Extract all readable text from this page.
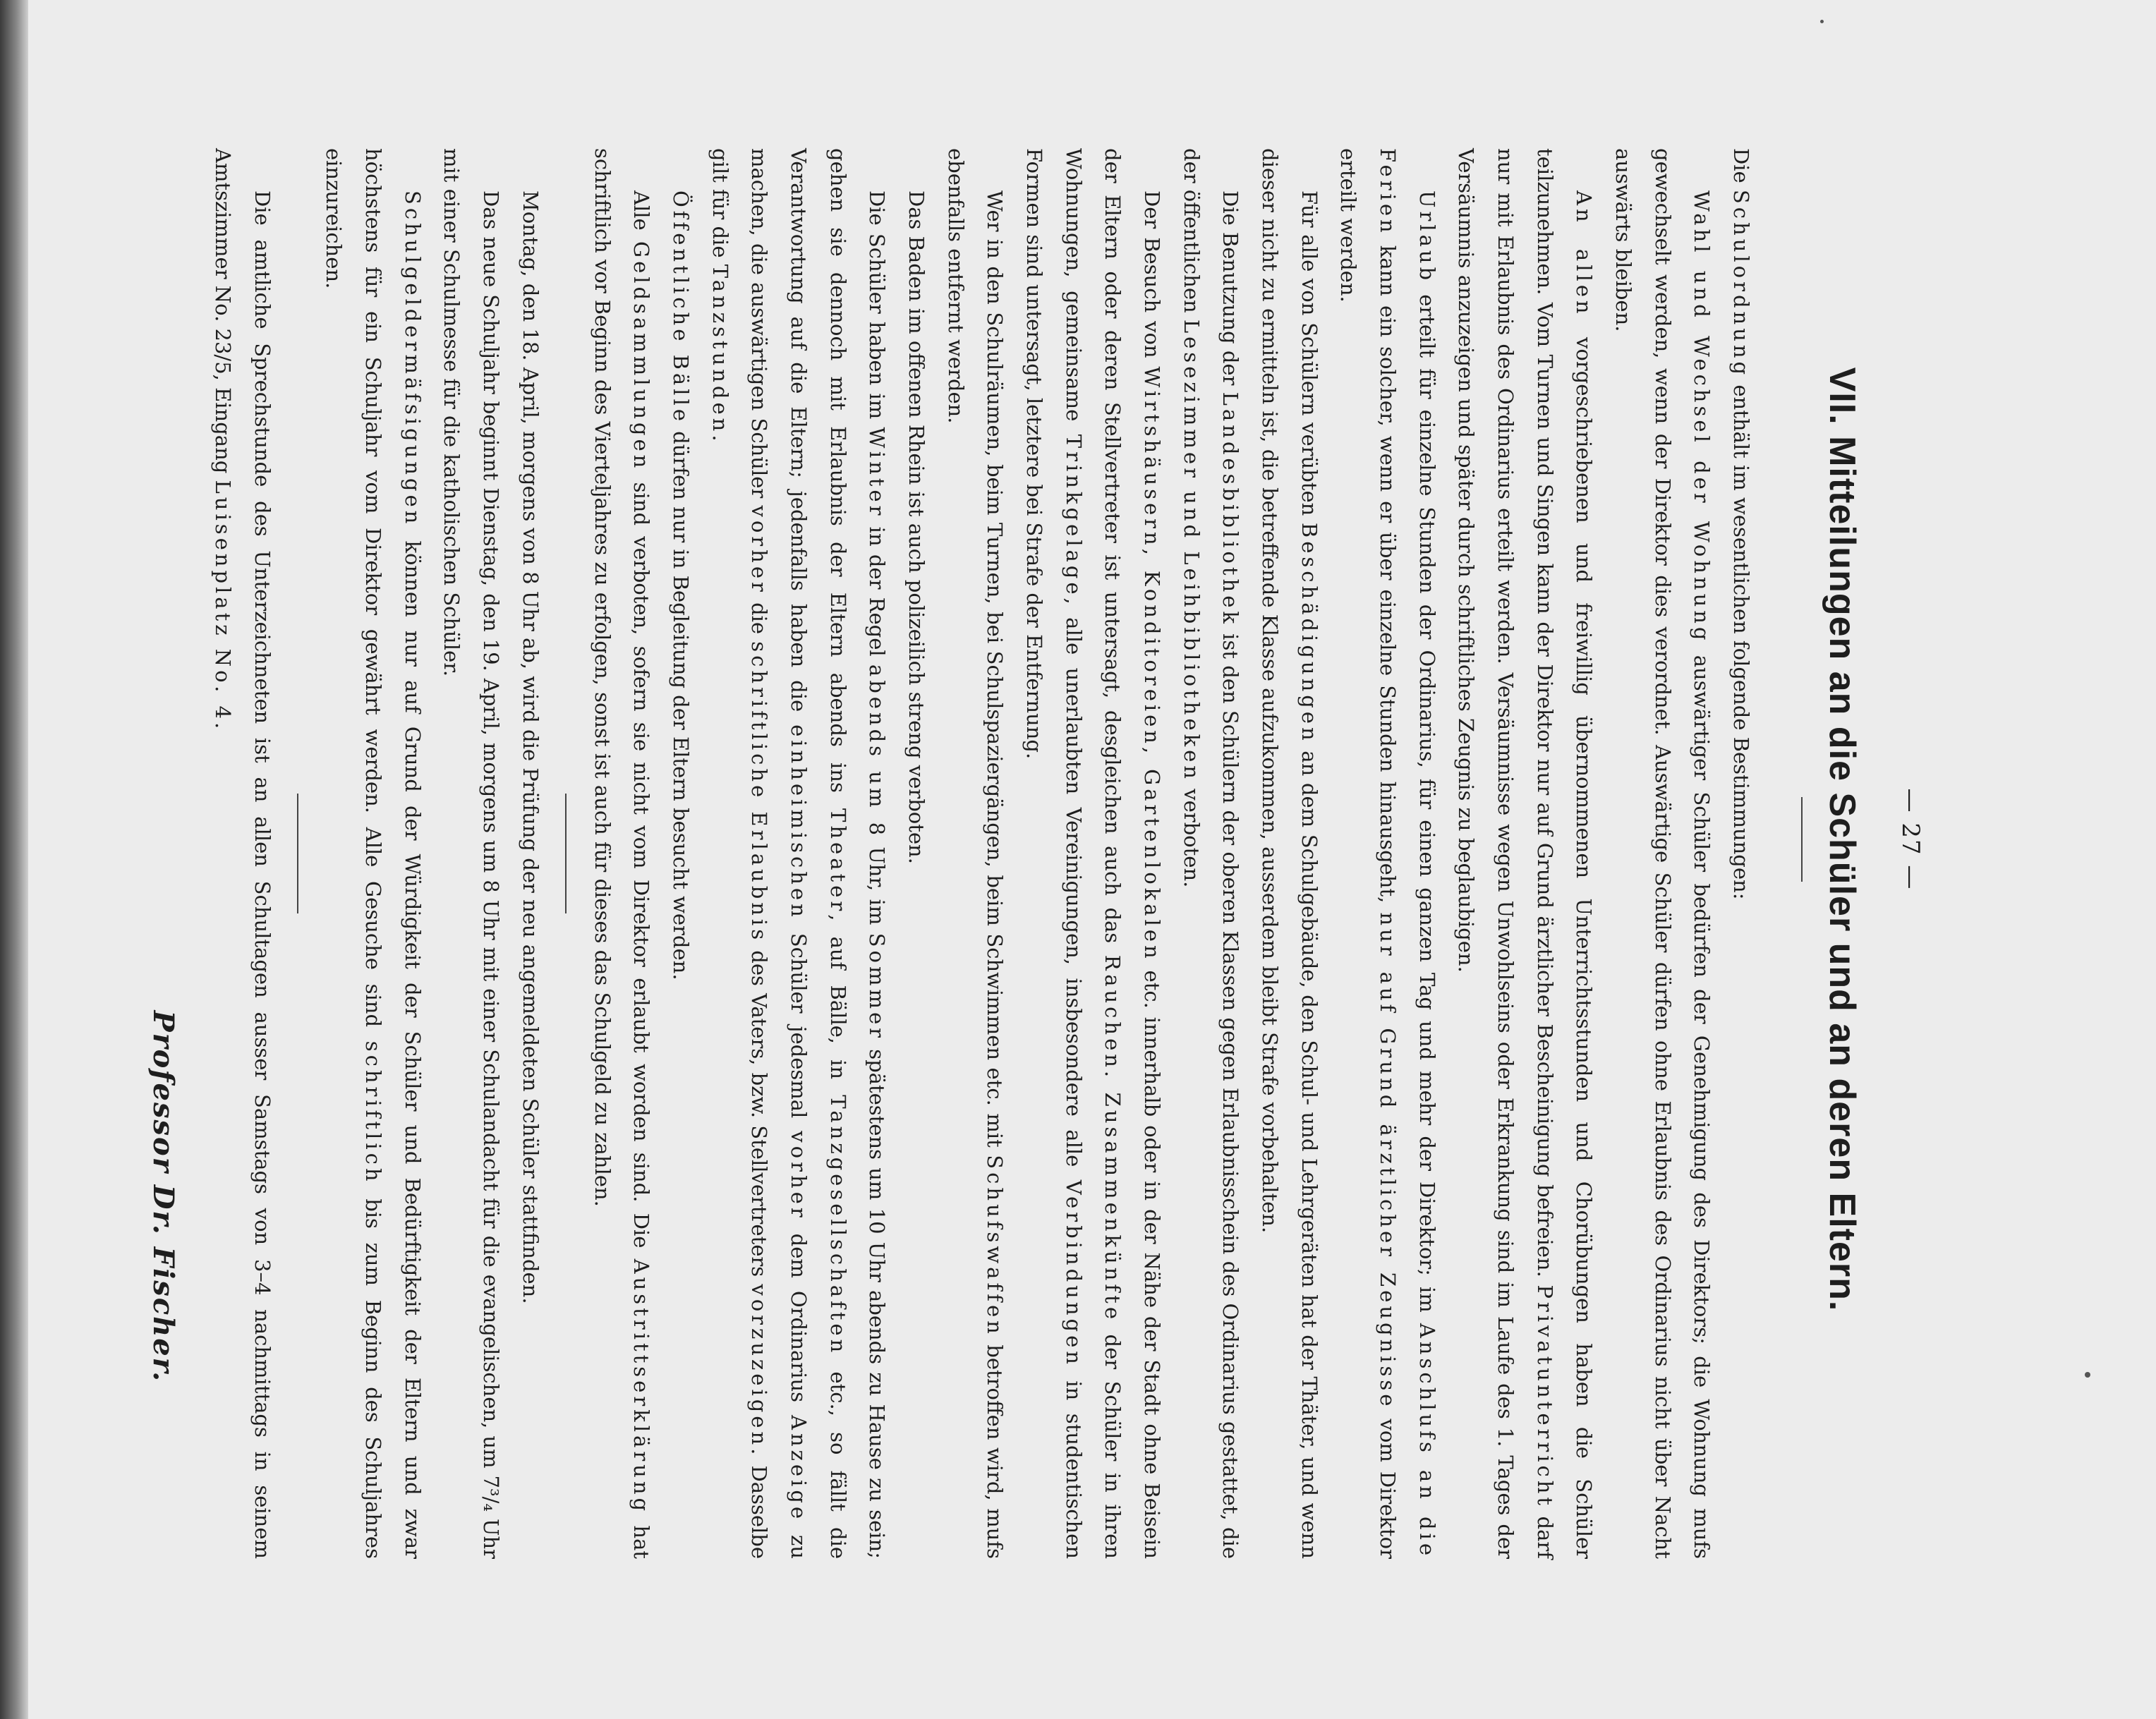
— 27 —
VII. Mitteilungen an die Schüler und an deren Eltern.

Die Schulordnung enthält im wesentlichen folgende Bestimmungen:

Wahl und Wechsel der Wohnung auswärtiger Schüler bedürfen der Genehmigung des Direktors; die Wohnung mufs gewechselt werden, wenn der Direktor dies verordnet. Auswärtige Schüler dürfen ohne Erlaubnis des Ordinarius nicht über Nacht auswärts bleiben.

An allen vorgeschriebenen und freiwillig übernommenen Unterrichtsstunden und Chorübungen haben die Schüler teilzunehmen. Vom Turnen und Singen kann der Direktor nur auf Grund ärztlicher Bescheinigung befreien. Privatunterricht darf nur mit Erlaubnis des Ordinarius erteilt werden. Versäumnisse wegen Unwohlseins oder Erkrankung sind im Laufe des 1. Tages der Versäumnis anzuzeigen und später durch schriftliches Zeugnis zu beglaubigen.

Urlaub erteilt für einzelne Stunden der Ordinarius, für einen ganzen Tag und mehr der Direktor; im Anschlufs an die Ferien kann ein solcher, wenn er über einzelne Stunden hinausgeht, nur auf Grund ärztlicher Zeugnisse vom Direktor erteilt werden.

Für alle von Schülern verübten Beschädigungen an dem Schulgebäude, den Schul- und Lehrgeräten hat der Thäter, und wenn dieser nicht zu ermitteln ist, die betreffende Klasse aufzukommen, ausserdem bleibt Strafe vorbehalten.

Die Benutzung der Landesbibliothek ist den Schülern der oberen Klassen gegen Erlaubnisschein des Ordinarius gestattet, die der öffentlichen Lesezimmer und Leihbibliotheken verboten.

Der Besuch von Wirtshäusern, Konditoreien, Gartenlokalen etc. innerhalb oder in der Nähe der Stadt ohne Beisein der Eltern oder deren Stellvertreter ist untersagt, desgleichen auch das Rauchen. Zusammenkünfte der Schüler in ihren Wohnungen, gemeinsame Trinkgelage, alle unerlaubten Vereinigungen, insbesondere alle Verbindungen in studentischen Formen sind untersagt, letztere bei Strafe der Entfernung.

Wer in den Schulräumen, beim Turnen, bei Schulspaziergängen, beim Schwimmen etc. mit Schufswaffen betroffen wird, mufs ebenfalls entfernt werden.

Das Baden im offenen Rhein ist auch polizeilich streng verboten.

Die Schüler haben im Winter in der Regel abends um 8 Uhr, im Sommer spätestens um 10 Uhr abends zu Hause zu sein; gehen sie dennoch mit Erlaubnis der Eltern abends ins Theater, auf Bälle, in Tanzgesellschaften etc., so fällt die Verantwortung auf die Eltern; jedenfalls haben die einheimischen Schüler jedesmal vorher dem Ordinarius Anzeige zu machen, die auswärtigen Schüler vorher die schriftliche Erlaubnis des Vaters, bzw. Stellvertreters vorzuzeigen. Dasselbe gilt für die Tanzstunden.

Öffentliche Bälle dürfen nur in Begleitung der Eltern besucht werden.

Alle Geldsammlungen sind verboten, sofern sie nicht vom Direktor erlaubt worden sind. Die Austrittserklärung hat schriftlich vor Beginn des Vierteljahres zu erfolgen, sonst ist auch für dieses das Schulgeld zu zahlen.

Montag, den 18. April, morgens von 8 Uhr ab, wird die Prüfung der neu angemeldeten Schüler stattfinden.

Das neue Schuljahr beginnt Dienstag, den 19. April, morgens um 8 Uhr mit einer Schulandacht für die evangelischen, um 7³/₄ Uhr mit einer Schulmesse für die katholischen Schüler.

Schulgeldermäfsigungen können nur auf Grund der Würdigkeit der Schüler und Bedürftigkeit der Eltern und zwar höchstens für ein Schuljahr vom Direktor gewährt werden. Alle Gesuche sind schriftlich bis zum Beginn des Schuljahres einzureichen.

Die amtliche Sprechstunde des Unterzeichneten ist an allen Schultagen ausser Samstags von 3–4 nachmittags in seinem Amtszimmer No. 23/5, Eingang Luisenplatz No. 4.

Professor Dr. Fischer.
